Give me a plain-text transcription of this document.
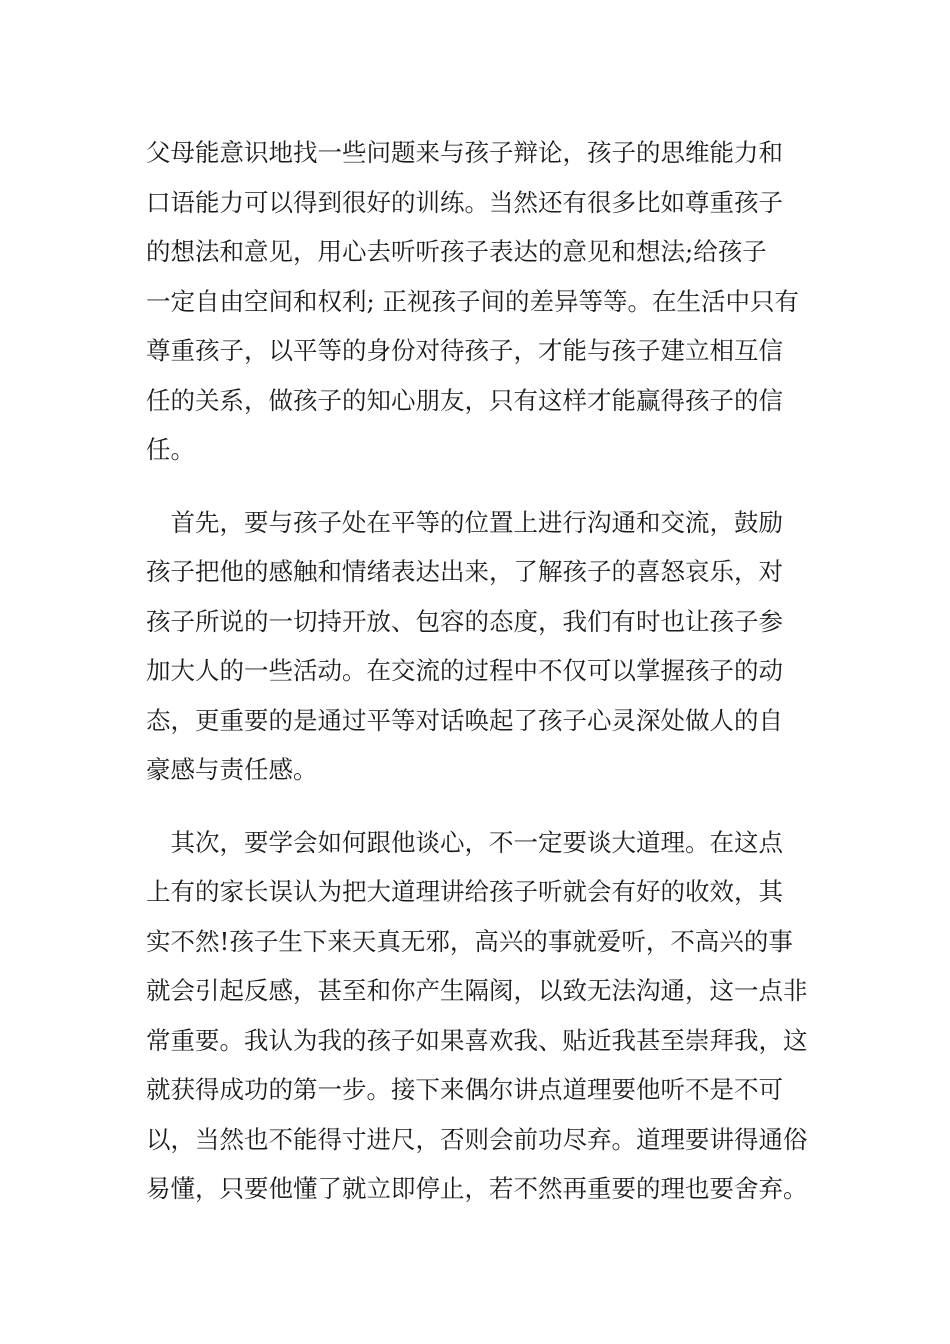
父母能意识地找一些问题来与孩子辩论，孩子的思维能力和
口语能力可以得到很好的训练。当然还有很多比如尊重孩子
的想法和意见，用心去听听孩子表达的意见和想法;给孩子
一定自由空间和权利; 正视孩子间的差异等等。在生活中只有
尊重孩子，以平等的身份对待孩子，才能与孩子建立相互信
任的关系，做孩子的知心朋友，只有这样才能赢得孩子的信
任。
　首先，要与孩子处在平等的位置上进行沟通和交流，鼓励
孩子把他的感触和情绪表达出来，了解孩子的喜怒哀乐，对
孩子所说的一切持开放、包容的态度，我们有时也让孩子参
加大人的一些活动。在交流的过程中不仅可以掌握孩子的动
态，更重要的是通过平等对话唤起了孩子心灵深处做人的自
豪感与责任感。
　其次，要学会如何跟他谈心，不一定要谈大道理。在这点
上有的家长误认为把大道理讲给孩子听就会有好的收效，其
实不然!孩子生下来天真无邪，高兴的事就爱听，不高兴的事
就会引起反感，甚至和你产生隔阂，以致无法沟通，这一点非
常重要。我认为我的孩子如果喜欢我、贴近我甚至崇拜我，这
就获得成功的第一步。接下来偶尔讲点道理要他听不是不可
以，当然也不能得寸进尺，否则会前功尽弃。道理要讲得通俗
易懂，只要他懂了就立即停止，若不然再重要的理也要舍弃。
